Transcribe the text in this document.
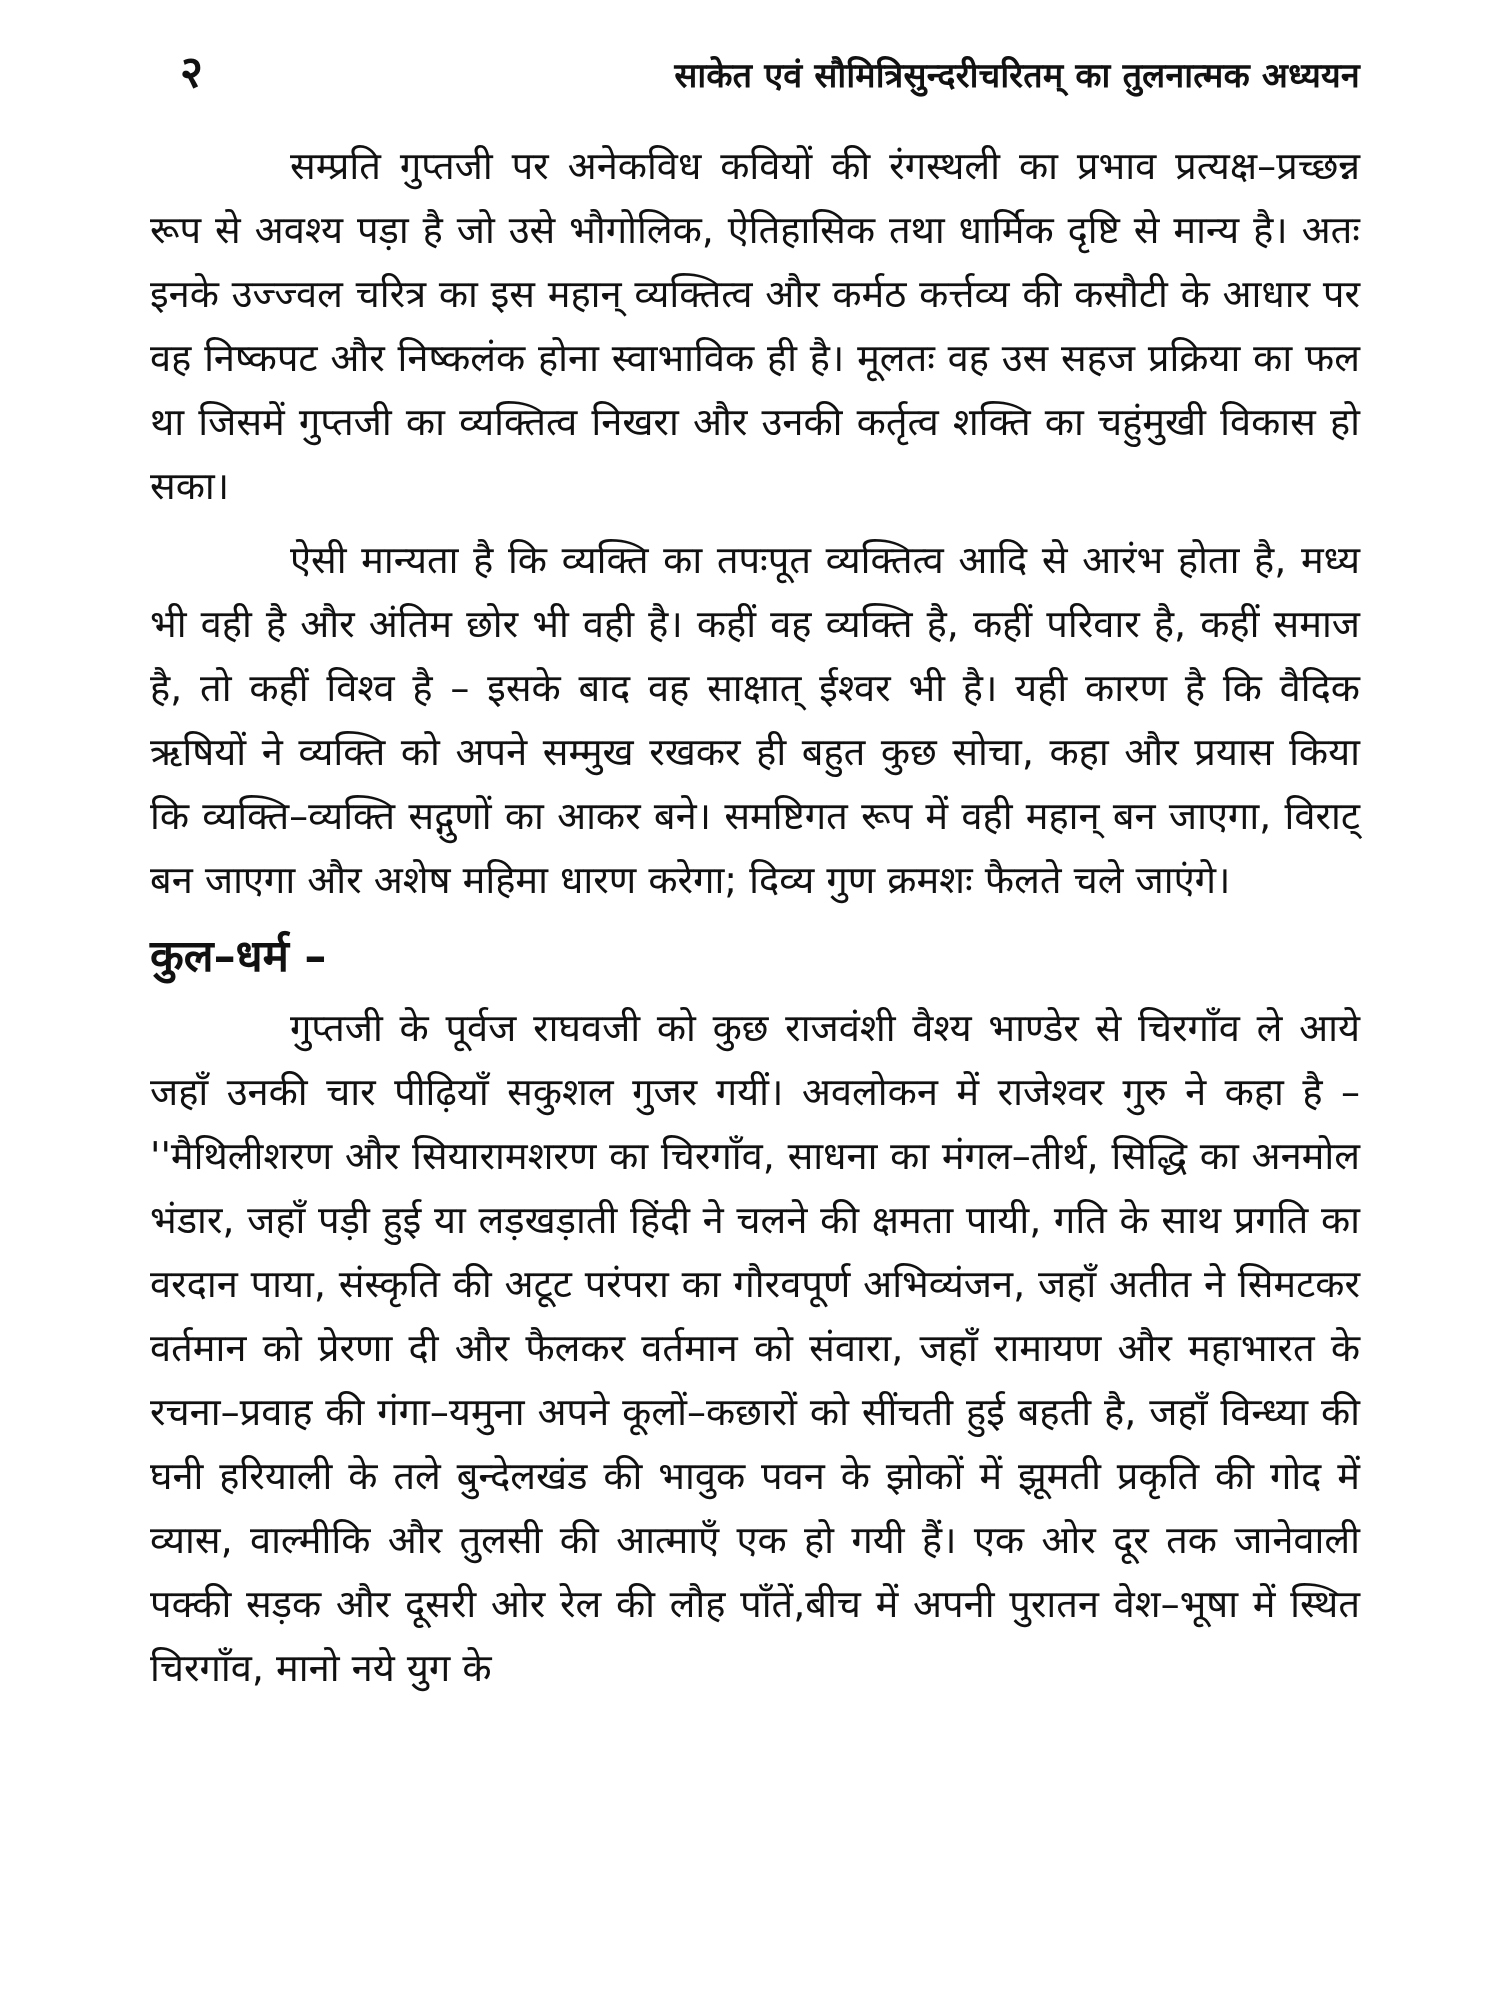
२	साकेत एवं सौमित्रिसुन्दरीचरितम् का तुलनात्मक अध्ययन

सम्प्रति गुप्तजी पर अनेकविध कवियों की रंगस्थली का प्रभाव प्रत्यक्ष–प्रच्छन्न रूप से अवश्य पड़ा है जो उसे भौगोलिक, ऐतिहासिक तथा धार्मिक दृष्टि से मान्य है। अतः इनके उज्ज्वल चरित्र का इस महान् व्यक्तित्व और कर्मठ कर्त्तव्य की कसौटी के आधार पर वह निष्कपट और निष्कलंक होना स्वाभाविक ही है। मूलतः वह उस सहज प्रक्रिया का फल था जिसमें गुप्तजी का व्यक्तित्व निखरा और उनकी कर्तृत्व शक्ति का चहुंमुखी विकास हो सका।

ऐसी मान्यता है कि व्यक्ति का तपःपूत व्यक्तित्व आदि से आरंभ होता है, मध्य भी वही है और अंतिम छोर भी वही है। कहीं वह व्यक्ति है, कहीं परिवार है, कहीं समाज है, तो कहीं विश्व है – इसके बाद वह साक्षात् ईश्वर भी है। यही कारण है कि वैदिक ऋषियों ने व्यक्ति को अपने सम्मुख रखकर ही बहुत कुछ सोचा, कहा और प्रयास किया कि व्यक्ति–व्यक्ति सद्गुणों का आकर बने। समष्टिगत रूप में वही महान् बन जाएगा, विराट् बन जाएगा और अशेष महिमा धारण करेगा; दिव्य गुण क्रमशः फैलते चले जाएंगे।

कुल–धर्म –

गुप्तजी के पूर्वज राघवजी को कुछ राजवंशी वैश्य भाण्डेर से चिरगाँव ले आये जहाँ उनकी चार पीढ़ियाँ सकुशल गुजर गयीं। अवलोकन में राजेश्वर गुरु ने कहा है – ''मैथिलीशरण और सियारामशरण का चिरगाँव, साधना का मंगल–तीर्थ, सिद्धि का अनमोल भंडार, जहाँ पड़ी हुई या लड़खड़ाती हिंदी ने चलने की क्षमता पायी, गति के साथ प्रगति का वरदान पाया, संस्कृति की अटूट परंपरा का गौरवपूर्ण अभिव्यंजन, जहाँ अतीत ने सिमटकर वर्तमान को प्रेरणा दी और फैलकर वर्तमान को संवारा, जहाँ रामायण और महाभारत के रचना–प्रवाह की गंगा–यमुना अपने कूलों–कछारों को सींचती हुई बहती है, जहाँ विन्ध्या की घनी हरियाली के तले बुन्देलखंड की भावुक पवन के झोकों में झूमती प्रकृति की गोद में व्यास, वाल्मीकि और तुलसी की आत्माएँ एक हो गयी हैं। एक ओर दूर तक जानेवाली पक्की सड़क और दूसरी ओर रेल की लौह पाँतें,बीच में अपनी पुरातन वेश–भूषा में स्थित चिरगाँव, मानो नये युग के
